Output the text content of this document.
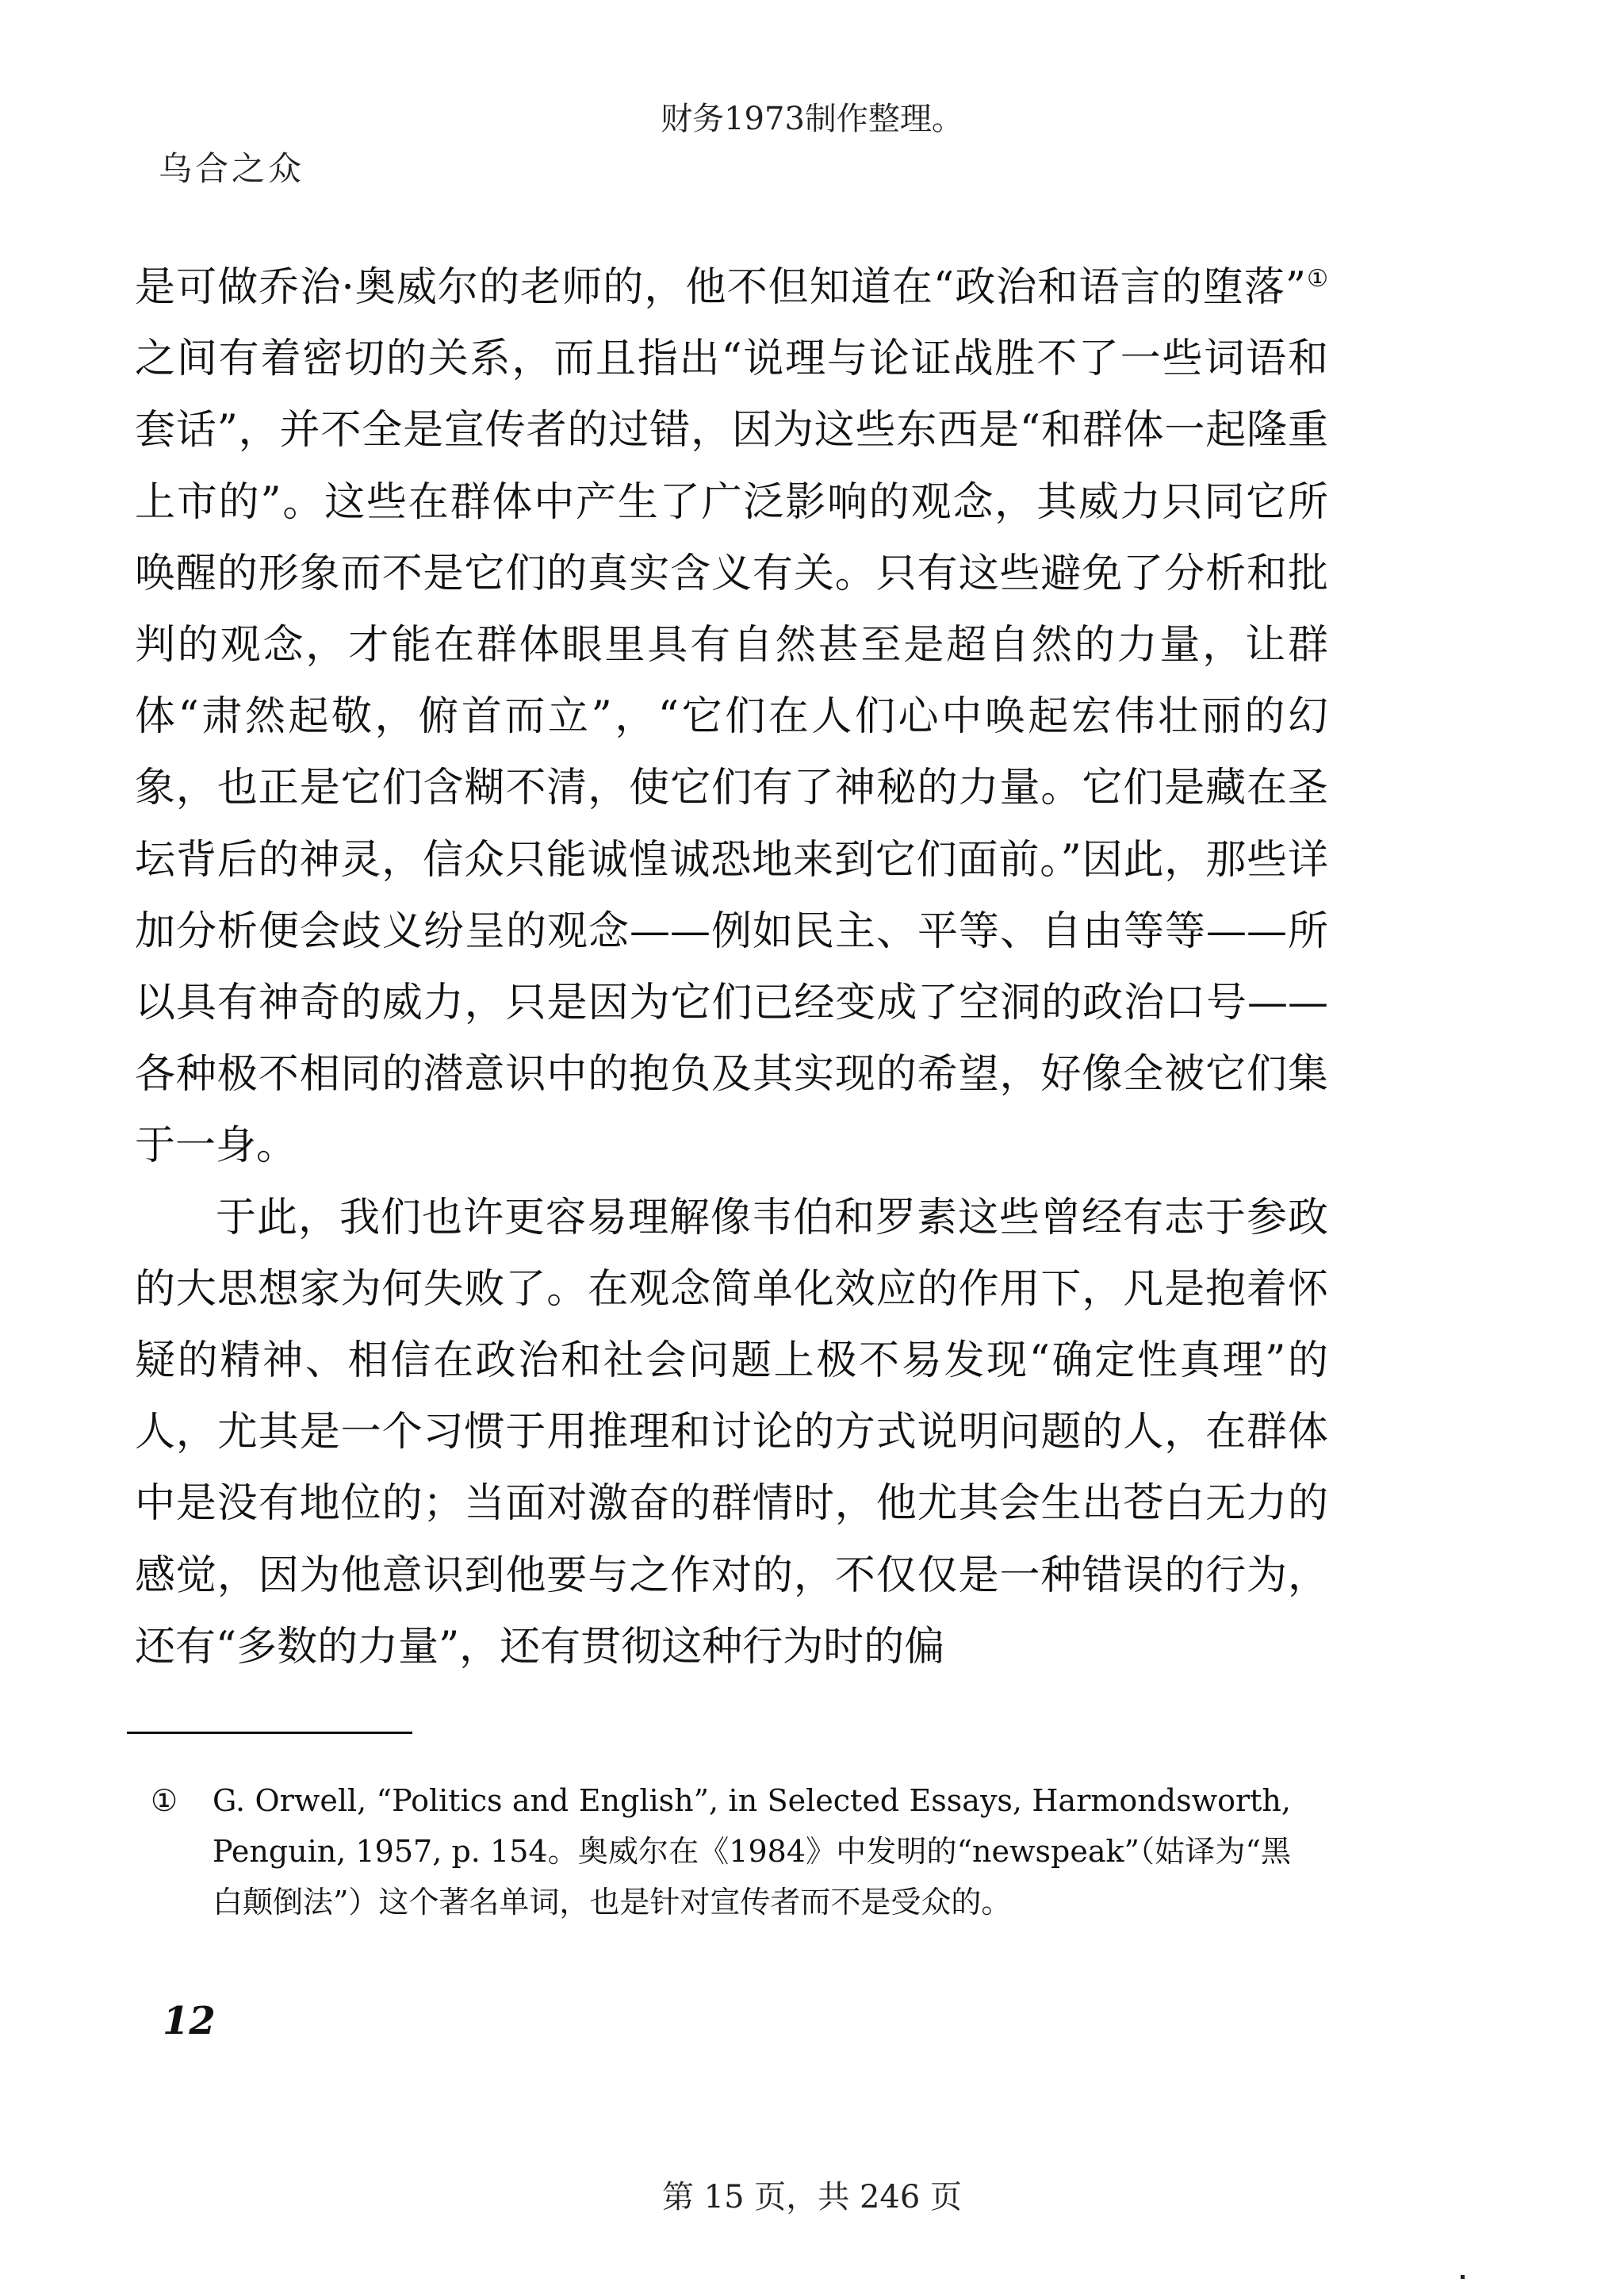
财务1973制作整理。
乌合之众

是可做乔治·奥威尔的老师的，他不但知道在“政治和语言的堕落”① 之间有着密切的关系，而且指出“说理与论证战胜不了一些词语和套话”，并不全是宣传者的过错，因为这些东西是“和群体一起隆重上市的”。这些在群体中产生了广泛影响的观念，其威力只同它所唤醒的形象而不是它们的真实含义有关。只有这些避免了分析和批判的观念，才能在群体眼里具有自然甚至是超自然的力量，让群体“肃然起敬，俯首而立”，“它们在人们心中唤起宏伟壮丽的幻象，也正是它们含糊不清，使它们有了神秘的力量。它们是藏在圣坛背后的神灵，信众只能诚惶诚恐地来到它们面前。”因此，那些详加分析便会歧义纷呈的观念——例如民主、平等、自由等等——所以具有神奇的威力，只是因为它们已经变成了空洞的政治口号——各种极不相同的潜意识中的抱负及其实现的希望，好像全被它们集于一身。

于此，我们也许更容易理解像韦伯和罗素这些曾经有志于参政的大思想家为何失败了。在观念简单化效应的作用下，凡是抱着怀疑的精神、相信在政治和社会问题上极不易发现“确定性真理”的人，尤其是一个习惯于用推理和讨论的方式说明问题的人，在群体中是没有地位的；当面对激奋的群情时，他尤其会生出苍白无力的感觉，因为他意识到他要与之作对的，不仅仅是一种错误的行为，还有“多数的力量”，还有贯彻这种行为时的偏

① G. Orwell, “Politics and English”, in Selected Essays, Harmondsworth, Penguin, 1957, p. 154。奥威尔在《1984》中发明的“newspeak”（姑译为“黑白颠倒法”）这个著名单词，也是针对宣传者而不是受众的。
12
第 15 页，共 246 页
